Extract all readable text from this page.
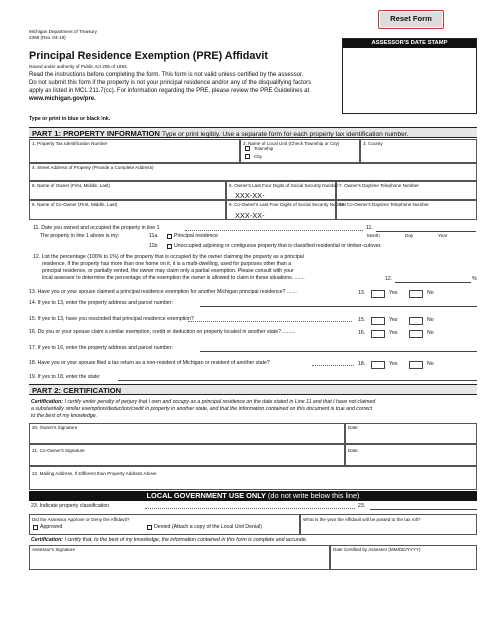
Reset Form
ASSESSOR'S DATE STAMP
Michigan Department of Treasury
2368 (Rev. 04-19)
Principal Residence Exemption (PRE) Affidavit
Issued under authority of Public Act 206 of 1893.
Read the instructions before completing the form. This form is not valid unless certified by the assessor.
Do not submit this form if the property is not your principal residence and/or any of the disqualifying factors
apply as listed in MCL 211.7(cc). For information regarding the PRE, please review the PRE Guidelines at
www.michigan.gov/pre.
Type or print in blue or black ink.
PART 1: PROPERTY INFORMATION Type or print legibly. Use a separate form for each property tax identification number.
1. Property Tax Identification Number	2. Name of Local Unit (Check Township or City)
Township
City
3. County
4. Street Address of Property (Provide a Complete Address)
5. Name of Owner (First, Middle, Last)	6. Owner's Last Four Digits of Social Security Number
XXX-XX-
7. Owner's Daytime Telephone Number
8. Name of Co-Owner (First, Middle, Last)	9. Co-Owner's Last Four Digits of Social Security Number
XXX-XX-
10. Co-Owner's Daytime Telephone Number
11. Date you owned and occupied the property in line 1	11.
Month	Day	Year
The property in line 1 above is my:	11a.	Principal residence
11b.	Unoccupied adjoining or contiguous property that is classified residential or timber-cutover.
12. List the percentage (100% to 1%) of the property that is occupied by the owner claiming the property as a principal
residence. If the property has more than one home on it, it is a multi-dwelling, used for purposes other than a
principal residence, or partially rented, the owner may claim only a partial exemption. Please consult with your
local assessor to determine the percentage of the exemption the owner is allowed to claim in these situations. .......	12.	%
13. Have you or your spouse claimed a principal residence exemption for another Michigan principal residence? .......	13.	Yes	No
14. If yes to 13, enter the property address and parcel number:
15. If yes to 13, have you rescinded that principal residence exemption?	15.	Yes	No
16. Do you or your spouse claim a similar exemption, credit or deduction on property located in another state?..........	16.	Yes	No
17. If yes to 16, enter the property address and parcel number:
18. Have you or your spouse filed a tax return as a non-resident of Michigan or resident of another state?	18.	Yes	No
19. If yes to 18, enter the state:
PART 2: CERTIFICATION
Certification: I certify under penalty of perjury that I own and occupy as a principal residence on the date stated in Line 11 and that I have not claimed
a substantially similar exemption/deduction/credit in property in another state, and that the information contained on this document is true and correct
to the best of my knowledge.
20. Owner's Signature	Date
21. Co-Owner's Signature	Date
22. Mailing Address, If Different than Property Address Above
LOCAL GOVERNMENT USE ONLY (do not write below this line)
23. Indicate property classification	23.
Did the Assessor Approve or Deny the Affidavit?
Approved	Denied (Attach a copy of the Local Unit Denial)
What is the year the Affidavit will be posted to the tax roll?
Certification: I certify that, to the best of my knowledge, the information contained in this form is complete and accurate.
Assessor's Signature	Date Certified by Assessor (MM/DD/YYYY)
